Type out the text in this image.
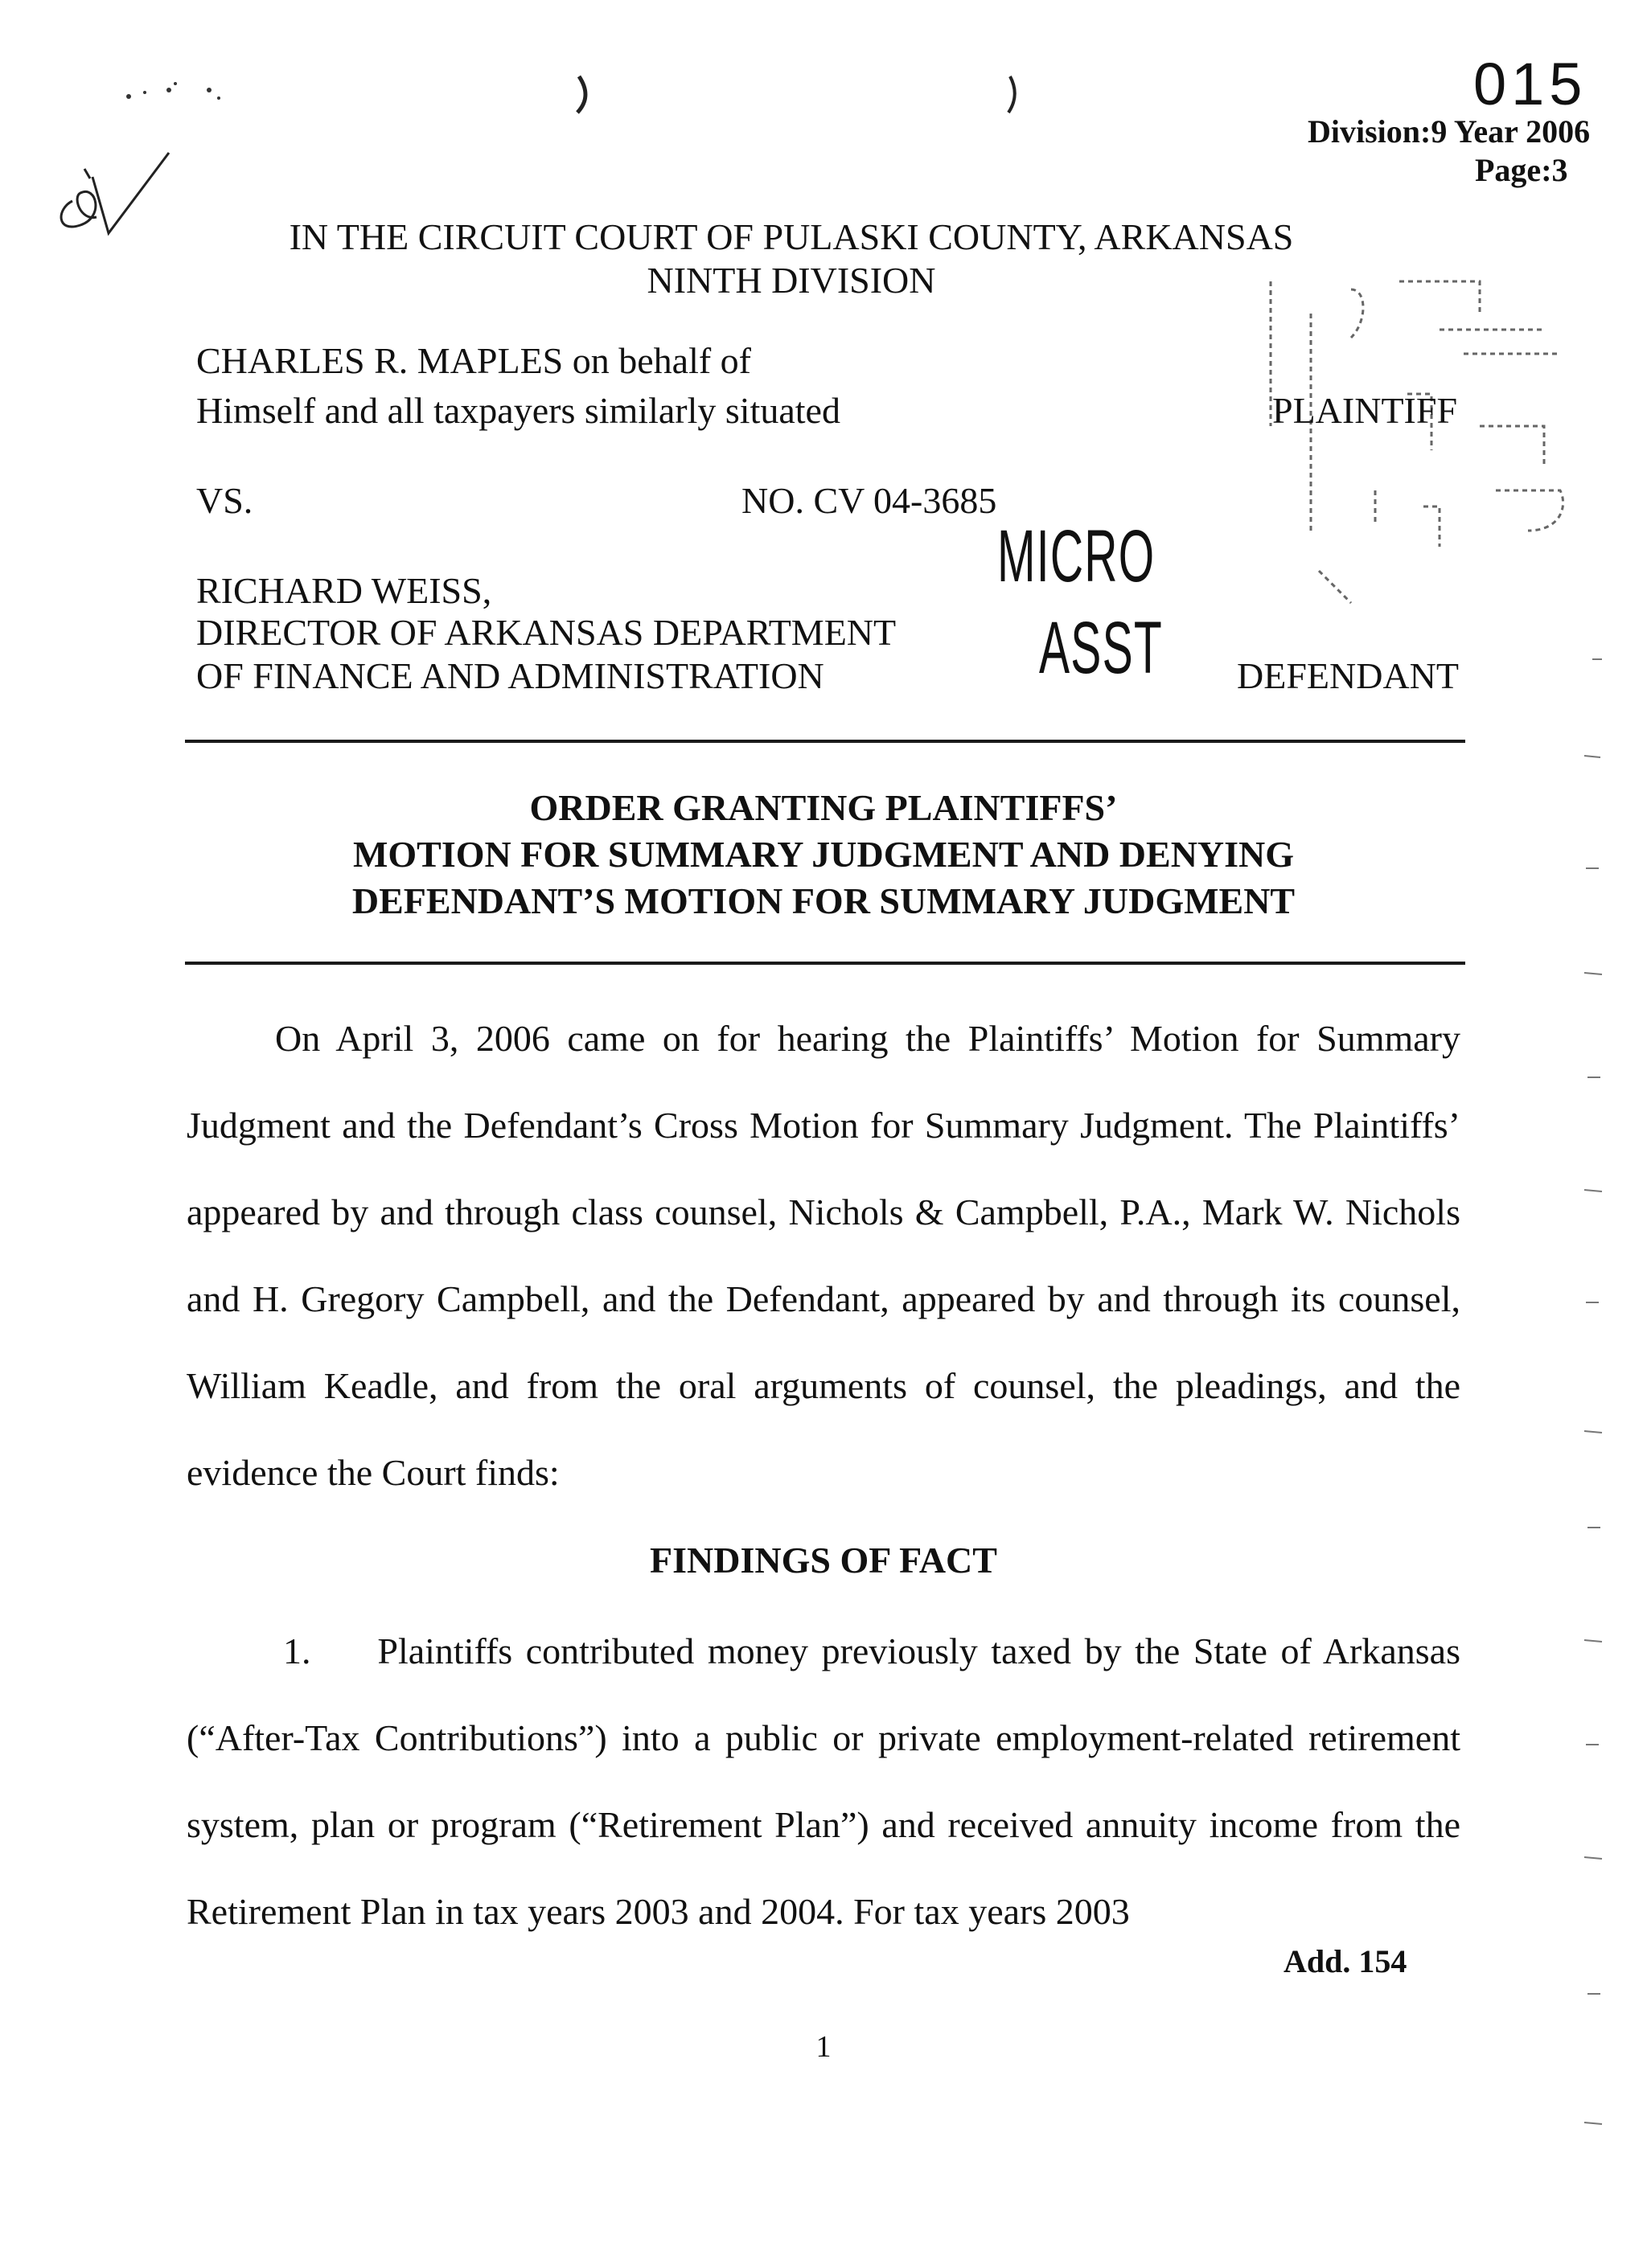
015
Division:9 Year 2006
Page:3
IN THE CIRCUIT COURT OF PULASKI COUNTY, ARKANSAS
NINTH DIVISION
CHARLES R. MAPLES on behalf of
Himself and all taxpayers similarly situated	PLAINTIFF
VS.	NO. CV 04-3685
RICHARD WEISS,
DIRECTOR OF ARKANSAS DEPARTMENT
OF FINANCE AND ADMINISTRATION	DEFENDANT
MICRO
ASST
ORDER GRANTING PLAINTIFFS’
MOTION FOR SUMMARY JUDGMENT AND DENYING
DEFENDANT’S MOTION FOR SUMMARY JUDGMENT
On April 3, 2006 came on for hearing the Plaintiffs’ Motion for Summary Judgment and the Defendant’s Cross Motion for Summary Judgment. The Plaintiffs’ appeared by and through class counsel, Nichols & Campbell, P.A., Mark W. Nichols and H. Gregory Campbell, and the Defendant, appeared by and through its counsel, William Keadle, and from the oral arguments of counsel, the pleadings, and the evidence the Court finds:
FINDINGS OF FACT
1.     Plaintiffs contributed money previously taxed by the State of Arkansas (“After-Tax Contributions”) into a public or private employment-related retirement system, plan or program (“Retirement Plan”) and received annuity income from the Retirement Plan in tax years 2003 and 2004. For tax years 2003
Add. 154
1
